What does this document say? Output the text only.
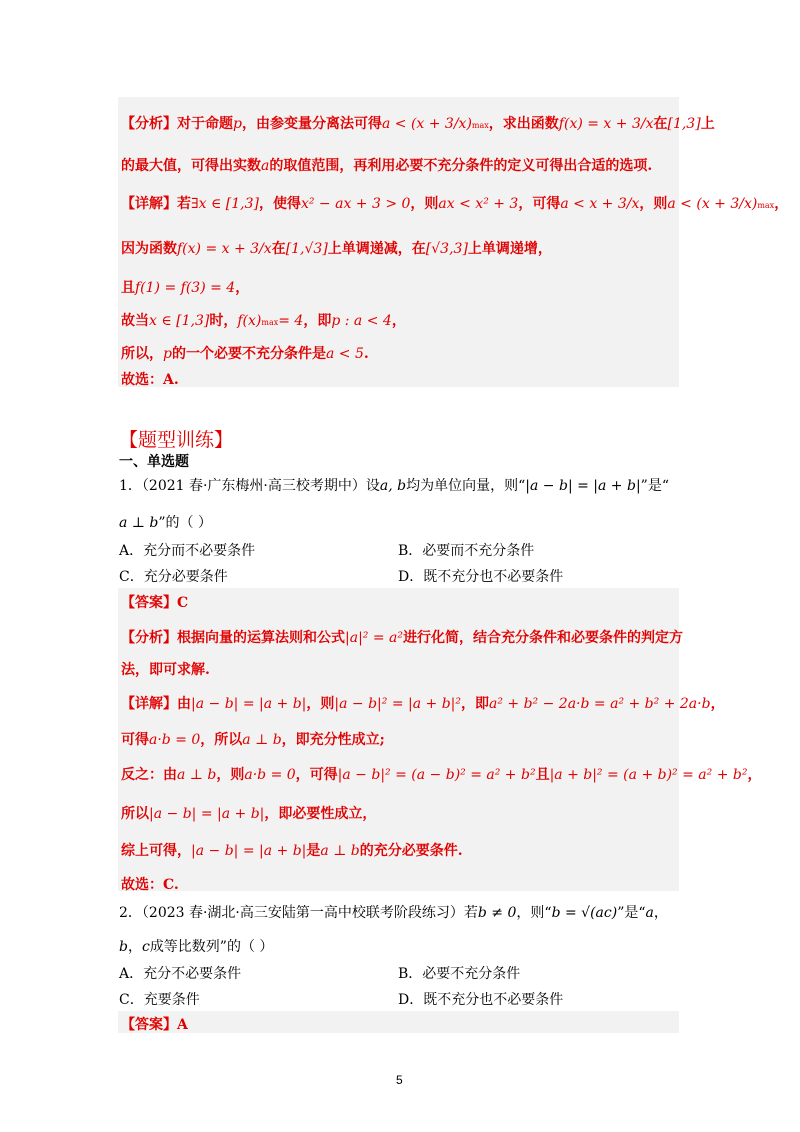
【分析】对于命题p，由参变量分离法可得a < (x + 3/x)max，求出函数f(x) = x + 3/x在[1,3]上
的最大值，可得出实数a的取值范围，再利用必要不充分条件的定义可得出合适的选项.
【详解】若∃x ∈ [1,3]，使得x² − ax + 3 > 0，则ax < x² + 3，可得a < x + 3/x，则a < (x + 3/x)max，
因为函数f(x) = x + 3/x在[1,√3]上单调递减，在[√3,3]上单调递增，
且f(1) = f(3) = 4，
故当x ∈ [1,3]时，f(x)max= 4，即p : a < 4，
所以，p的一个必要不充分条件是a < 5.
故选：A.
【题型训练】
一、单选题
1．（2021 春·广东梅州·高三校考期中）设a, b均为单位向量，则“|a − b| = |a + b|”是“
a ⊥ b”的（ ）
A．充分而不必要条件	B．必要而不充分条件
C．充分必要条件	D．既不充分也不必要条件
【答案】C
【分析】根据向量的运算法则和公式|a|² = a²进行化简，结合充分条件和必要条件的判定方
法，即可求解.
【详解】由|a − b| = |a + b|，则|a − b|² = |a + b|²，即a² + b² − 2a·b = a² + b² + 2a·b，
可得a·b = 0，所以a ⊥ b，即充分性成立;
反之：由a ⊥ b，则a·b = 0，可得|a − b|² = (a − b)² = a² + b²且|a + b|² = (a + b)² = a² + b²，
所以|a − b| = |a + b|，即必要性成立，
综上可得，|a − b| = |a + b|是a ⊥ b的充分必要条件.
故选：C.
2．（2023 春·湖北·高三安陆第一高中校联考阶段练习）若b ≠ 0，则“b = √(ac)”是“a，
b，c成等比数列”的（ ）
A．充分不必要条件	B．必要不充分条件
C．充要条件	D．既不充分也不必要条件
【答案】A
5
